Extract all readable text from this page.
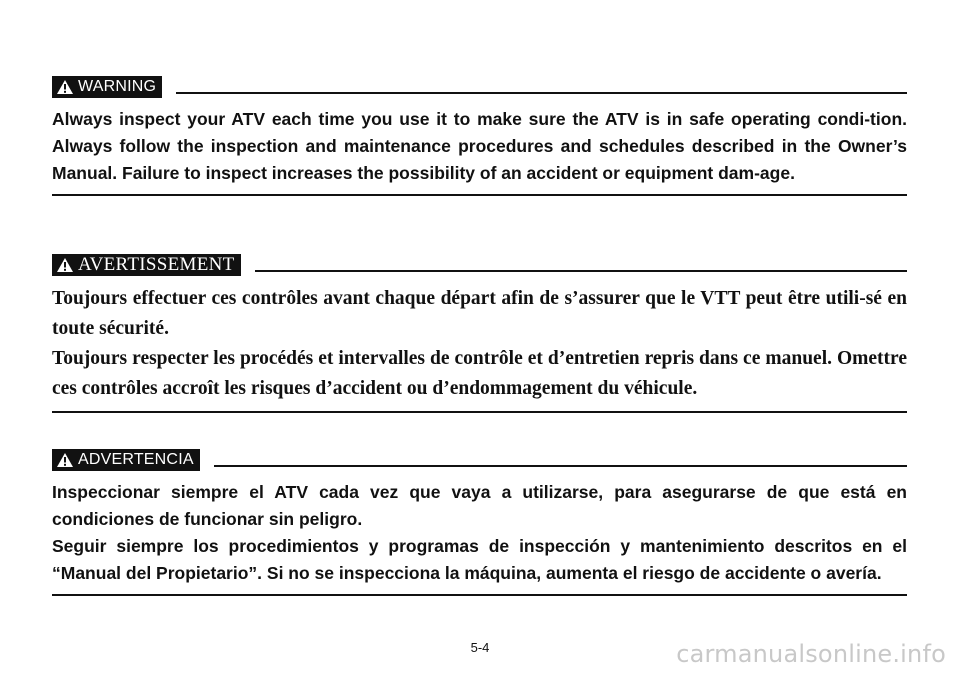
WARNING

Always inspect your ATV each time you use it to make sure the ATV is in safe operating condi-tion. Always follow the inspection and maintenance procedures and schedules described in the Owner’s Manual. Failure to inspect increases the possibility of an accident or equipment dam-age.

AVERTISSEMENT

Toujours effectuer ces contrôles avant chaque départ afin de s’assurer que le VTT peut être utili-sé en toute sécurité.

Toujours respecter les procédés et intervalles de contrôle et d’entretien repris dans ce manuel. Omettre ces contrôles accroît les risques d’accident ou d’endommagement du véhicule.

ADVERTENCIA

Inspeccionar siempre el ATV cada vez que vaya a utilizarse, para asegurarse de que está en condiciones de funcionar sin peligro.

Seguir siempre los procedimientos y programas de inspección y mantenimiento descritos en el “Manual del Propietario”. Si no se inspecciona la máquina, aumenta el riesgo de accidente o avería.

5-4	carmanualsonline.info
